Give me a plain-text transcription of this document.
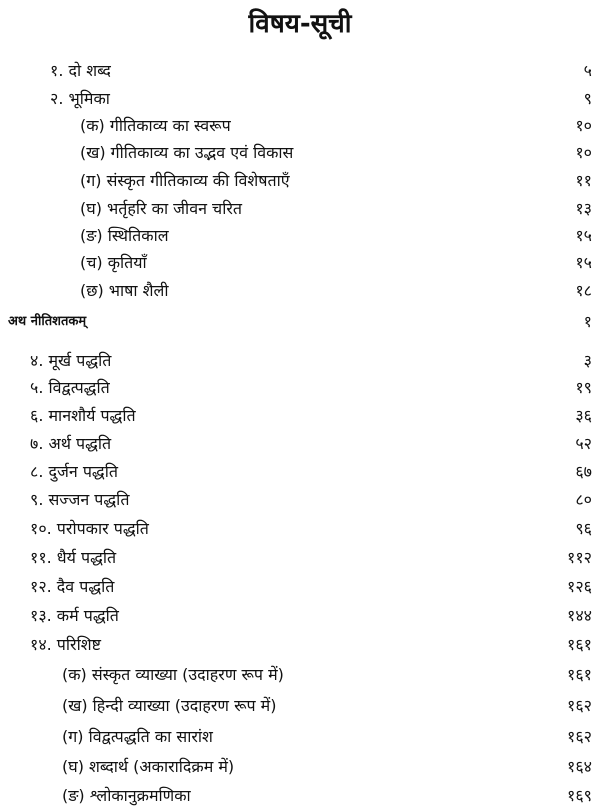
विषय-सूची
१. दो शब्द	५
२. भूमिका	९
(क) गीतिकाव्य का स्वरूप	१०
(ख) गीतिकाव्य का उद्भव एवं विकास	१०
(ग) संस्कृत गीतिकाव्य की विशेषताएँ	११
(घ) भर्तृहरि का जीवन चरित	१३
(ङ) स्थितिकाल	१५
(च) कृतियाँ	१५
(छ) भाषा शैली	१८
अथ नीतिशतकम्	१
४. मूर्ख पद्धति	३
५. विद्वत्पद्धति	१९
६. मानशौर्य पद्धति	३६
७. अर्थ पद्धति	५२
८. दुर्जन पद्धति	६७
९. सज्जन पद्धति	८०
१०. परोपकार पद्धति	९६
११. धैर्य पद्धति	११२
१२. दैव पद्धति	१२६
१३. कर्म पद्धति	१४४
१४. परिशिष्ट	१६१
(क) संस्कृत व्याख्या (उदाहरण रूप में)	१६१
(ख) हिन्दी व्याख्या (उदाहरण रूप में)	१६२
(ग) विद्वत्पद्धति का सारांश	१६२
(घ) शब्दार्थ (अकारादिक्रम में)	१६४
(ङ) श्लोकानुक्रमणिका	१६९
